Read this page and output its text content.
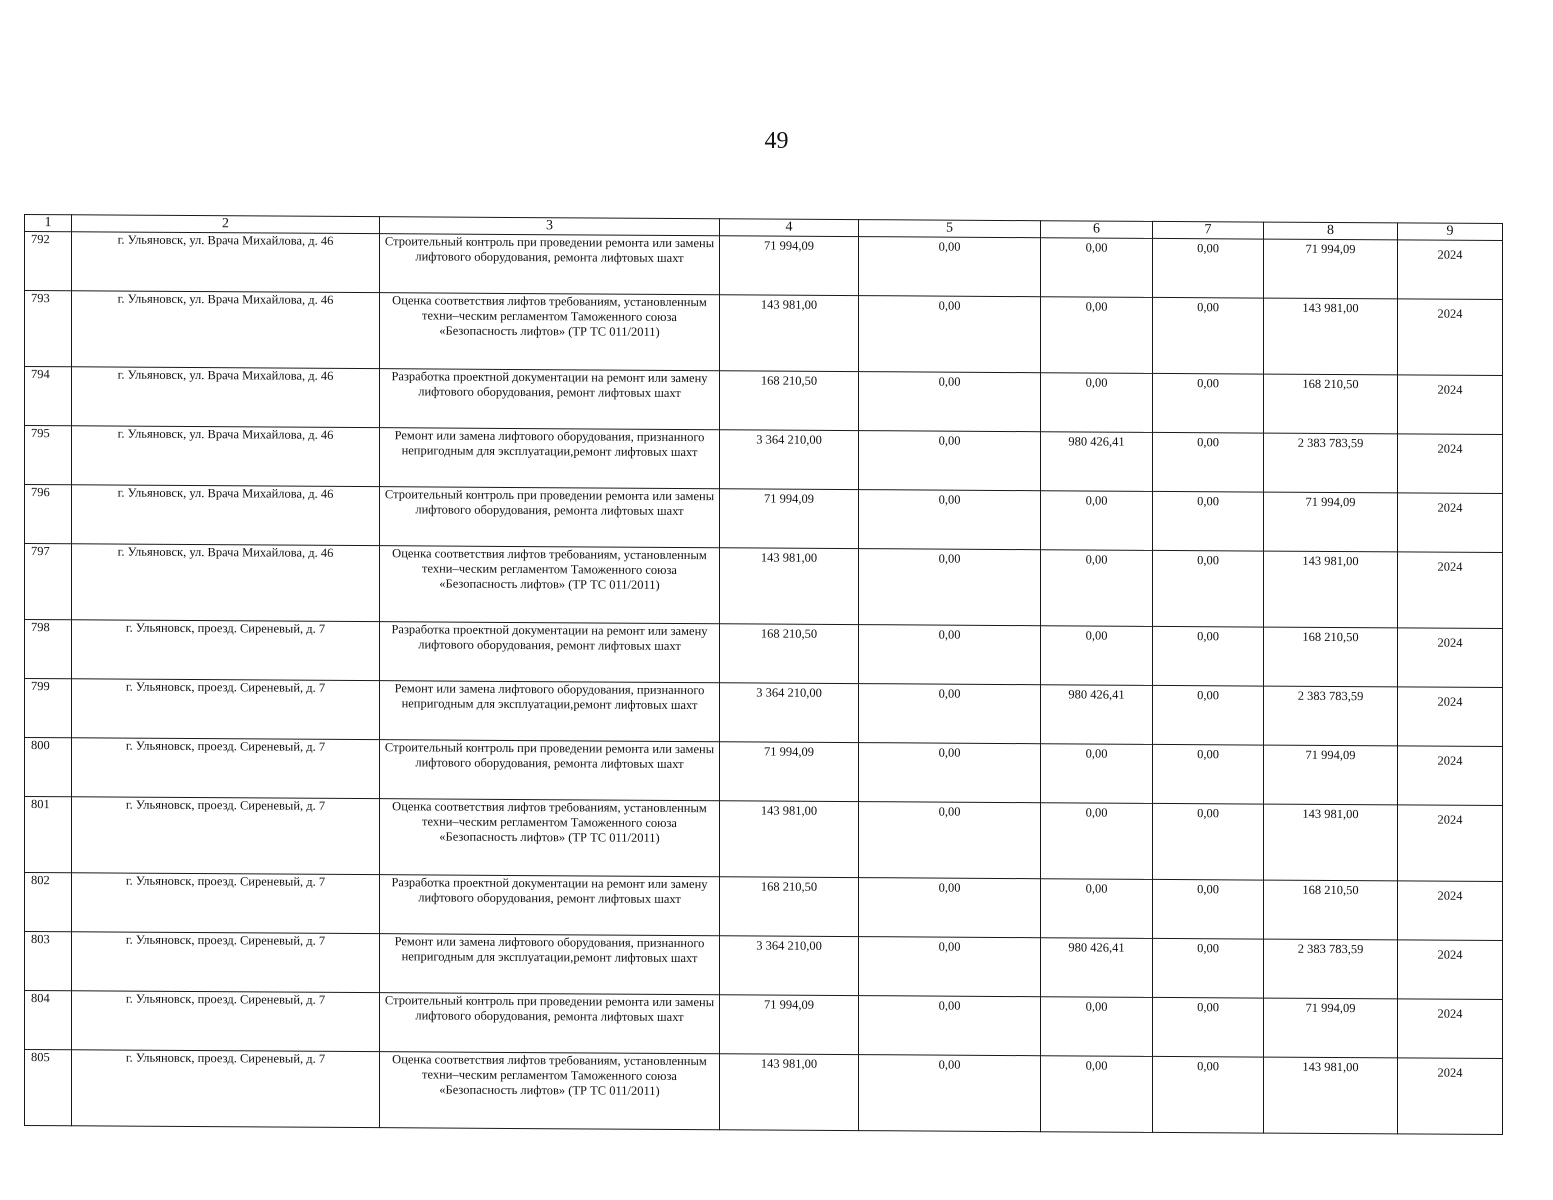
49
1	2	3	4	5	6	7	8	9
792	г. Ульяновск, ул. Врача Михайлова, д. 46	Строительный контроль при проведении ремонта или замены лифтового оборудования, ремонта лифтовых шахт	71 994,09	0,00	0,00	0,00	71 994,09	2024
793	г. Ульяновск, ул. Врача Михайлова, д. 46	Оценка соответствия лифтов требованиям, установленным техни–ческим регламентом Таможенного союза «Безопасность лифтов» (ТР ТС 011/2011)	143 981,00	0,00	0,00	0,00	143 981,00	2024
794	г. Ульяновск, ул. Врача Михайлова, д. 46	Разработка проектной документации на ремонт или замену лифтового оборудования, ремонт лифтовых шахт	168 210,50	0,00	0,00	0,00	168 210,50	2024
795	г. Ульяновск, ул. Врача Михайлова, д. 46	Ремонт или замена лифтового оборудования, признанного непригодным для эксплуатации,ремонт лифтовых шахт	3 364 210,00	0,00	980 426,41	0,00	2 383 783,59	2024
796	г. Ульяновск, ул. Врача Михайлова, д. 46	Строительный контроль при проведении ремонта или замены лифтового оборудования, ремонта лифтовых шахт	71 994,09	0,00	0,00	0,00	71 994,09	2024
797	г. Ульяновск, ул. Врача Михайлова, д. 46	Оценка соответствия лифтов требованиям, установленным техни–ческим регламентом Таможенного союза «Безопасность лифтов» (ТР ТС 011/2011)	143 981,00	0,00	0,00	0,00	143 981,00	2024
798	г. Ульяновск, проезд. Сиреневый, д. 7	Разработка проектной документации на ремонт или замену лифтового оборудования, ремонт лифтовых шахт	168 210,50	0,00	0,00	0,00	168 210,50	2024
799	г. Ульяновск, проезд. Сиреневый, д. 7	Ремонт или замена лифтового оборудования, признанного непригодным для эксплуатации,ремонт лифтовых шахт	3 364 210,00	0,00	980 426,41	0,00	2 383 783,59	2024
800	г. Ульяновск, проезд. Сиреневый, д. 7	Строительный контроль при проведении ремонта или замены лифтового оборудования, ремонта лифтовых шахт	71 994,09	0,00	0,00	0,00	71 994,09	2024
801	г. Ульяновск, проезд. Сиреневый, д. 7	Оценка соответствия лифтов требованиям, установленным техни–ческим регламентом Таможенного союза «Безопасность лифтов» (ТР ТС 011/2011)	143 981,00	0,00	0,00	0,00	143 981,00	2024
802	г. Ульяновск, проезд. Сиреневый, д. 7	Разработка проектной документации на ремонт или замену лифтового оборудования, ремонт лифтовых шахт	168 210,50	0,00	0,00	0,00	168 210,50	2024
803	г. Ульяновск, проезд. Сиреневый, д. 7	Ремонт или замена лифтового оборудования, признанного непригодным для эксплуатации,ремонт лифтовых шахт	3 364 210,00	0,00	980 426,41	0,00	2 383 783,59	2024
804	г. Ульяновск, проезд. Сиреневый, д. 7	Строительный контроль при проведении ремонта или замены лифтового оборудования, ремонта лифтовых шахт	71 994,09	0,00	0,00	0,00	71 994,09	2024
805	г. Ульяновск, проезд. Сиреневый, д. 7	Оценка соответствия лифтов требованиям, установленным техни–ческим регламентом Таможенного союза «Безопасность лифтов» (ТР ТС 011/2011)	143 981,00	0,00	0,00	0,00	143 981,00	2024
